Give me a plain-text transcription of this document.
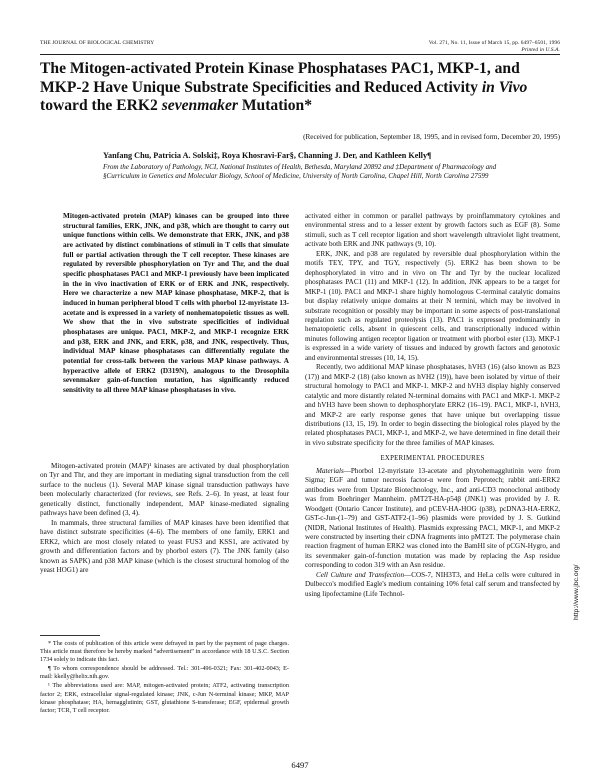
THE JOURNAL OF BIOLOGICAL CHEMISTRY	Vol. 271, No. 11, Issue of March 15, pp. 6497–6501, 1996
Printed in U.S.A.
The Mitogen-activated Protein Kinase Phosphatases PAC1, MKP-1, and MKP-2 Have Unique Substrate Specificities and Reduced Activity in Vivo toward the ERK2 sevenmaker Mutation*
(Received for publication, September 18, 1995, and in revised form, December 20, 1995)
Yanfang Chu, Patricia A. Solski‡, Roya Khosravi-Far§, Channing J. Der, and Kathleen Kelly¶

From the Laboratory of Pathology, NCI, National Institutes of Health, Bethesda, Maryland 20892 and ‡Department of Pharmacology and §Curriculum in Genetics and Molecular Biology, School of Medicine, University of North Carolina, Chapel Hill, North Carolina 27599

Mitogen-activated protein (MAP) kinases can be grouped into three structural families, ERK, JNK, and p38, which are thought to carry out unique functions within cells. We demonstrate that ERK, JNK, and p38 are activated by distinct combinations of stimuli in T cells that simulate full or partial activation through the T cell receptor. These kinases are regulated by reversible phosphorylation on Tyr and Thr, and the dual specific phosphatases PAC1 and MKP-1 previously have been implicated in the in vivo inactivation of ERK or of ERK and JNK, respectively. Here we characterize a new MAP kinase phosphatase, MKP-2, that is induced in human peripheral blood T cells with phorbol 12-myristate 13-acetate and is expressed in a variety of nonhematopoietic tissues as well. We show that the in vivo substrate specificities of individual phosphatases are unique. PAC1, MKP-2, and MKP-1 recognize ERK and p38, ERK and JNK, and ERK, p38, and JNK, respectively. Thus, individual MAP kinase phosphatases can differentially regulate the potential for cross-talk between the various MAP kinase pathways. A hyperactive allele of ERK2 (D319N), analogous to the Drosophila sevenmaker gain-of-function mutation, has significantly reduced sensitivity to all three MAP kinase phosphatases in vivo.

Mitogen-activated protein (MAP)¹ kinases are activated by dual phosphorylation on Tyr and Thr, and they are important in mediating signal transduction from the cell surface to the nucleus (1). Several MAP kinase signal transduction pathways have been molecularly characterized (for reviews, see Refs. 2–6). In yeast, at least four genetically distinct, functionally independent, MAP kinase-mediated signaling pathways have been defined (3, 4).

In mammals, three structural families of MAP kinases have been identified that have distinct substrate specificities (4–6). The members of one family, ERK1 and ERK2, which are most closely related to yeast FUS3 and KSS1, are activated by growth and differentiation factors and by phorbol esters (7). The JNK family (also known as SAPK) and p38 MAP kinase (which is the closest structural homolog of the yeast HOG1) are

* The costs of publication of this article were defrayed in part by the payment of page charges. This article must therefore be hereby marked “advertisement” in accordance with 18 U.S.C. Section 1734 solely to indicate this fact.

¶ To whom correspondence should be addressed. Tel.: 301-496-0321; Fax: 301-402-0043; E-mail: kkelly@helix.nih.gov.

¹ The abbreviations used are: MAP, mitogen-activated protein; ATF2, activating transcription factor 2; ERK, extracellular signal-regulated kinase; JNK, c-Jun N-terminal kinase; MKP, MAP kinase phosphatase; HA, hemagglutinin; GST, glutathione S-transferase; EGF, epidermal growth factor; TCR, T cell receptor.

activated either in common or parallel pathways by proinflammatory cytokines and environmental stress and to a lesser extent by growth factors such as EGF (8). Some stimuli, such as T cell receptor ligation and short wavelength ultraviolet light treatment, activate both ERK and JNK pathways (9, 10).

ERK, JNK, and p38 are regulated by reversible dual phosphorylation within the motifs TEY, TPY, and TGY, respectively (5). ERK2 has been shown to be dephosphorylated in vitro and in vivo on Thr and Tyr by the nuclear localized phosphatases PAC1 (11) and MKP-1 (12). In addition, JNK appears to be a target for MKP-1 (10). PAC1 and MKP-1 share highly homologous C-terminal catalytic domains but display relatively unique domains at their N termini, which may be involved in substrate recognition or possibly may be important in some aspects of post-translational regulation such as regulated proteolysis (13). PAC1 is expressed predominantly in hematopoietic cells, absent in quiescent cells, and transcriptionally induced within minutes following antigen receptor ligation or treatment with phorbol ester (13). MKP-1 is expressed in a wide variety of tissues and induced by growth factors and genotoxic and environmental stresses (10, 14, 15).

Recently, two additional MAP kinase phosphatases, hVH3 (16) (also known as B23 (17)) and MKP-2 (18) (also known as hVH2 (19)), have been isolated by virtue of their structural homology to PAC1 and MKP-1. MKP-2 and hVH3 display highly conserved catalytic and more distantly related N-terminal domains with PAC1 and MKP-1. MKP-2 and hVH3 have been shown to dephosphorylate ERK2 (16–19). PAC1, MKP-1, hVH3, and MKP-2 are early response genes that have unique but overlapping tissue distributions (13, 15, 19). In order to begin dissecting the biological roles played by the related phosphatases PAC1, MKP-1, and MKP-2, we have determined in fine detail their in vivo substrate specificity for the three families of MAP kinases.

EXPERIMENTAL PROCEDURES

Materials—Phorbol 12-myristate 13-acetate and phytohemagglutinin were from Sigma; EGF and tumor necrosis factor-α were from Peprotech; rabbit anti-ERK2 antibodies were from Upstate Biotechnology, Inc., and anti-CD3 monoclonal antibody was from Boehringer Mannheim. pMT2T-HA-p54β (JNK1) was provided by J. R. Woodgett (Ontario Cancer Institute), and pCEV-HA-HOG (p38), pcDNA3-HA-ERK2, GST-c-Jun-(1–79) and GST-ATF2-(1–96) plasmids were provided by J. S. Gutkind (NIDR, National Institutes of Health). Plasmids expressing PAC1, MKP-1, and MKP-2 were constructed by inserting their cDNA fragments into pMT2T. The polymerase chain reaction fragment of human ERK2 was cloned into the BamHI site of pCGN-Hygro, and its sevenmaker gain-of-function mutation was made by replacing the Asp residue corresponding to codon 319 with an Asn residue.

Cell Culture and Transfection—COS-7, NIH3T3, and HeLa cells were cultured in Dulbecco's modified Eagle's medium containing 10% fetal calf serum and transfected by using lipofectamine (Life Technol-

6497
http://www.jbc.org/
